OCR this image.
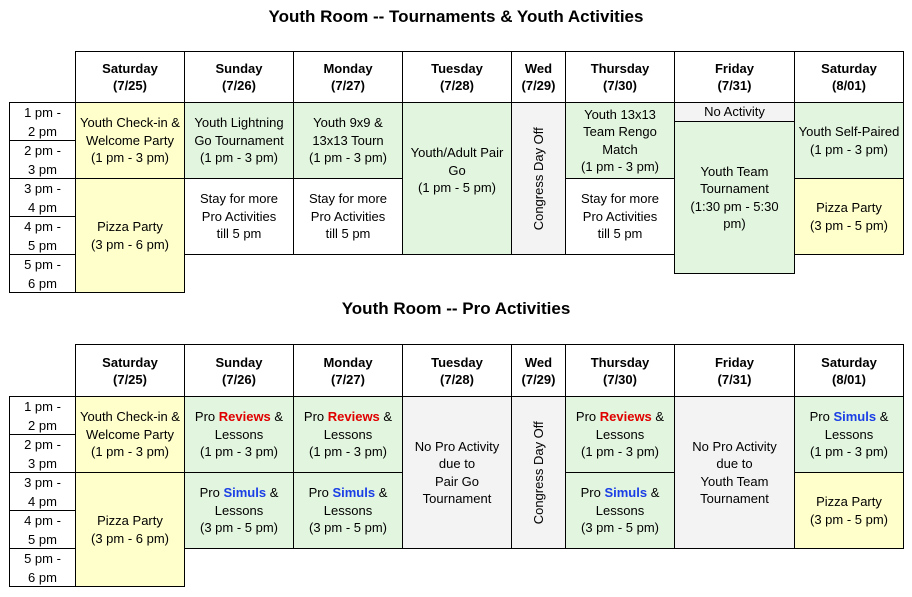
Youth Room -- Tournaments & Youth Activities
Saturday
(7/25)
Sunday
(7/26)
Monday
(7/27)
Tuesday
(7/28)
Wed
(7/29)
Thursday
(7/30)
Friday
(7/31)
Saturday
(8/01)
1 pm -
2 pm
2 pm -
3 pm
3 pm -
4 pm
4 pm -
5 pm
5 pm -
6 pm
Youth Check-in &
Welcome Party
(1 pm - 3 pm)
Pizza Party
(3 pm - 6 pm)
Youth Lightning
Go Tournament
(1 pm - 3 pm)
Stay for more
Pro Activities
till 5 pm
Youth 9x9 &
13x13 Tourn
(1 pm - 3 pm)
Stay for more
Pro Activities
till 5 pm
Youth/Adult Pair
Go
(1 pm - 5 pm)	Congress Day Off
Youth 13x13
Team Rengo
Match
(1 pm - 3 pm)
Stay for more
Pro Activities
till 5 pm
No Activity
Youth Team
Tournament
(1:30 pm - 5:30
pm)
Youth Self-Paired
(1 pm - 3 pm)
Pizza Party
(3 pm - 5 pm)
Youth Room -- Pro Activities
Saturday
(7/25)
Sunday
(7/26)
Monday
(7/27)
Tuesday
(7/28)
Wed
(7/29)
Thursday
(7/30)
Friday
(7/31)
Saturday
(8/01)
1 pm -
2 pm
2 pm -
3 pm
3 pm -
4 pm
4 pm -
5 pm
5 pm -
6 pm
Youth Check-in &
Welcome Party
(1 pm - 3 pm)
Pizza Party
(3 pm - 6 pm)
Pro Reviews &
Lessons
(1 pm - 3 pm)
Pro Simuls &
Lessons
(3 pm - 5 pm)
Pro Reviews &
Lessons
(1 pm - 3 pm)
Pro Simuls &
Lessons
(3 pm - 5 pm)
No Pro Activity
due to
Pair Go
Tournament	Congress Day Off
Pro Reviews &
Lessons
(1 pm - 3 pm)
Pro Simuls &
Lessons
(3 pm - 5 pm)
No Pro Activity
due to
Youth Team
Tournament
Pro Simuls &
Lessons
(1 pm - 3 pm)
Pizza Party
(3 pm - 5 pm)
